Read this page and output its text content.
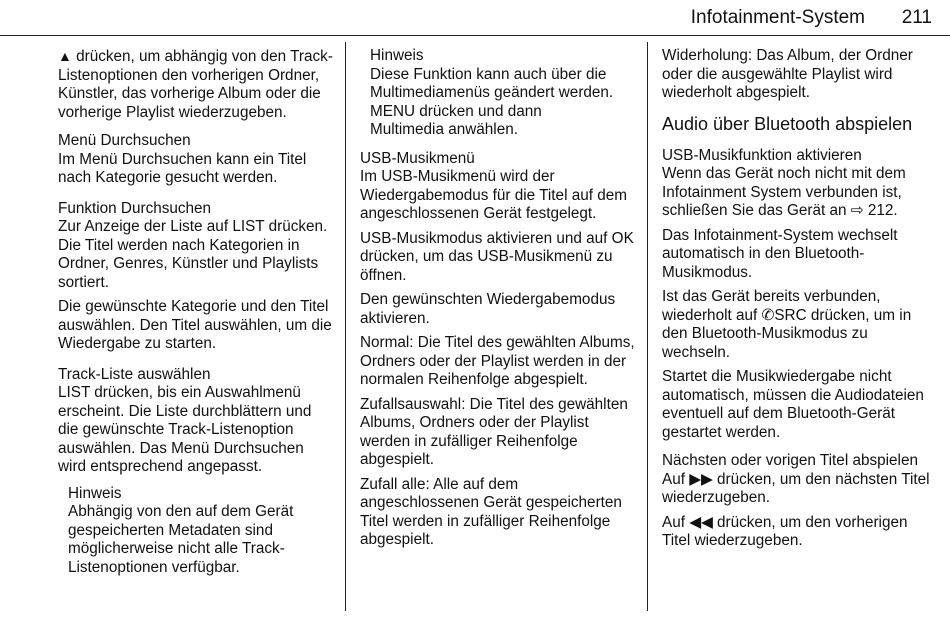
Infotainment-System 211

▲ drücken, um abhängig von den Track-Listenoptionen den vorherigen Ordner, Künstler, das vorherige Album oder die vorherige Playlist wiederzugeben.

Menü Durchsuchen

Im Menü Durchsuchen kann ein Titel nach Kategorie gesucht werden.

Funktion Durchsuchen

Zur Anzeige der Liste auf LIST drücken. Die Titel werden nach Kategorien in Ordner, Genres, Künstler und Playlists sortiert.

Die gewünschte Kategorie und den Titel auswählen. Den Titel auswählen, um die Wiedergabe zu starten.

Track-Liste auswählen

LIST drücken, bis ein Auswahlmenü erscheint. Die Liste durchblättern und die gewünschte Track-Listenoption auswählen. Das Menü Durchsuchen wird entsprechend angepasst.

Hinweis

Abhängig von den auf dem Gerät gespeicherten Metadaten sind möglicherweise nicht alle Track-Listenoptionen verfügbar.

Hinweis

Diese Funktion kann auch über die Multimediamenüs geändert werden.
MENU drücken und dann
Multimedia anwählen.

USB-Musikmenü

Im USB-Musikmenü wird der Wiedergabemodus für die Titel auf dem angeschlossenen Gerät festgelegt.

USB-Musikmodus aktivieren und auf OK drücken, um das USB-Musikmenü zu öffnen.

Den gewünschten Wiedergabemodus aktivieren.

Normal: Die Titel des gewählten Albums, Ordners oder der Playlist werden in der normalen Reihenfolge abgespielt.

Zufallsauswahl: Die Titel des gewählten Albums, Ordners oder der Playlist werden in zufälliger Reihenfolge abgespielt.

Zufall alle: Alle auf dem angeschlossenen Gerät gespeicherten Titel werden in zufälliger Reihenfolge abgespielt.

Widerholung: Das Album, der Ordner oder die ausgewählte Playlist wird wiederholt abgespielt.

Audio über Bluetooth abspielen

USB-Musikfunktion aktivieren

Wenn das Gerät noch nicht mit dem Infotainment System verbunden ist, schließen Sie das Gerät an ⇨ 212.

Das Infotainment-System wechselt automatisch in den Bluetooth-Musikmodus.

Ist das Gerät bereits verbunden, wiederholt auf ✆SRC drücken, um in den Bluetooth-Musikmodus zu wechseln.

Startet die Musikwiedergabe nicht automatisch, müssen die Audiodateien eventuell auf dem Bluetooth-Gerät gestartet werden.

Nächsten oder vorigen Titel abspielen

Auf ▶▶ drücken, um den nächsten Titel wiederzugeben.

Auf ◀◀ drücken, um den vorherigen Titel wiederzugeben.
